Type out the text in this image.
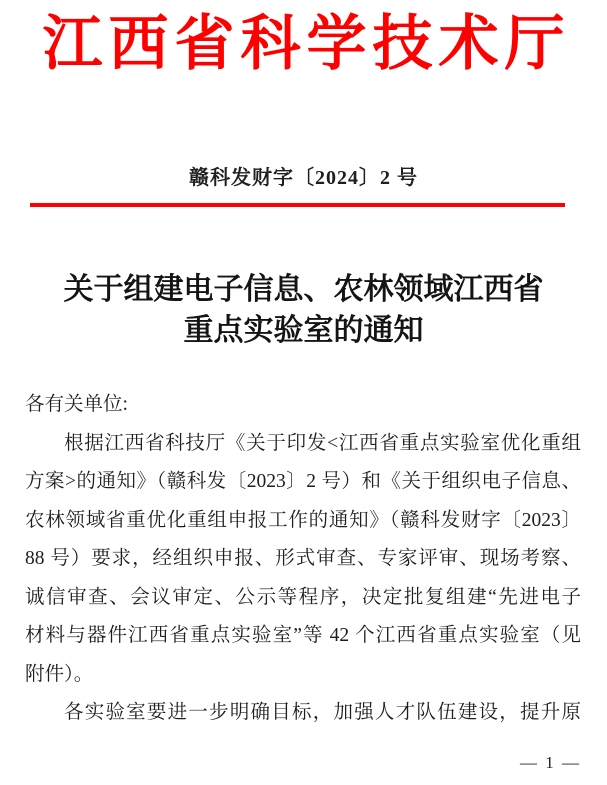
江西省科学技术厅
赣科发财字〔2024〕2 号
关于组建电子信息、农林领域江西省
重点实验室的通知
各有关单位:
根据江西省科技厅《关于印发<江西省重点实验室优化重组
方案>的通知》（赣科发〔2023〕2 号）和《关于组织电子信息、
农林领域省重优化重组申报工作的通知》（赣科发财字〔2023〕
88 号）要求，经组织申报、形式审查、专家评审、现场考察、
诚信审查、会议审定、公示等程序，决定批复组建“先进电子
材料与器件江西省重点实验室”等 42 个江西省重点实验室（见
附件）。
各实验室要进一步明确目标，加强人才队伍建设，提升原
— 1 —
